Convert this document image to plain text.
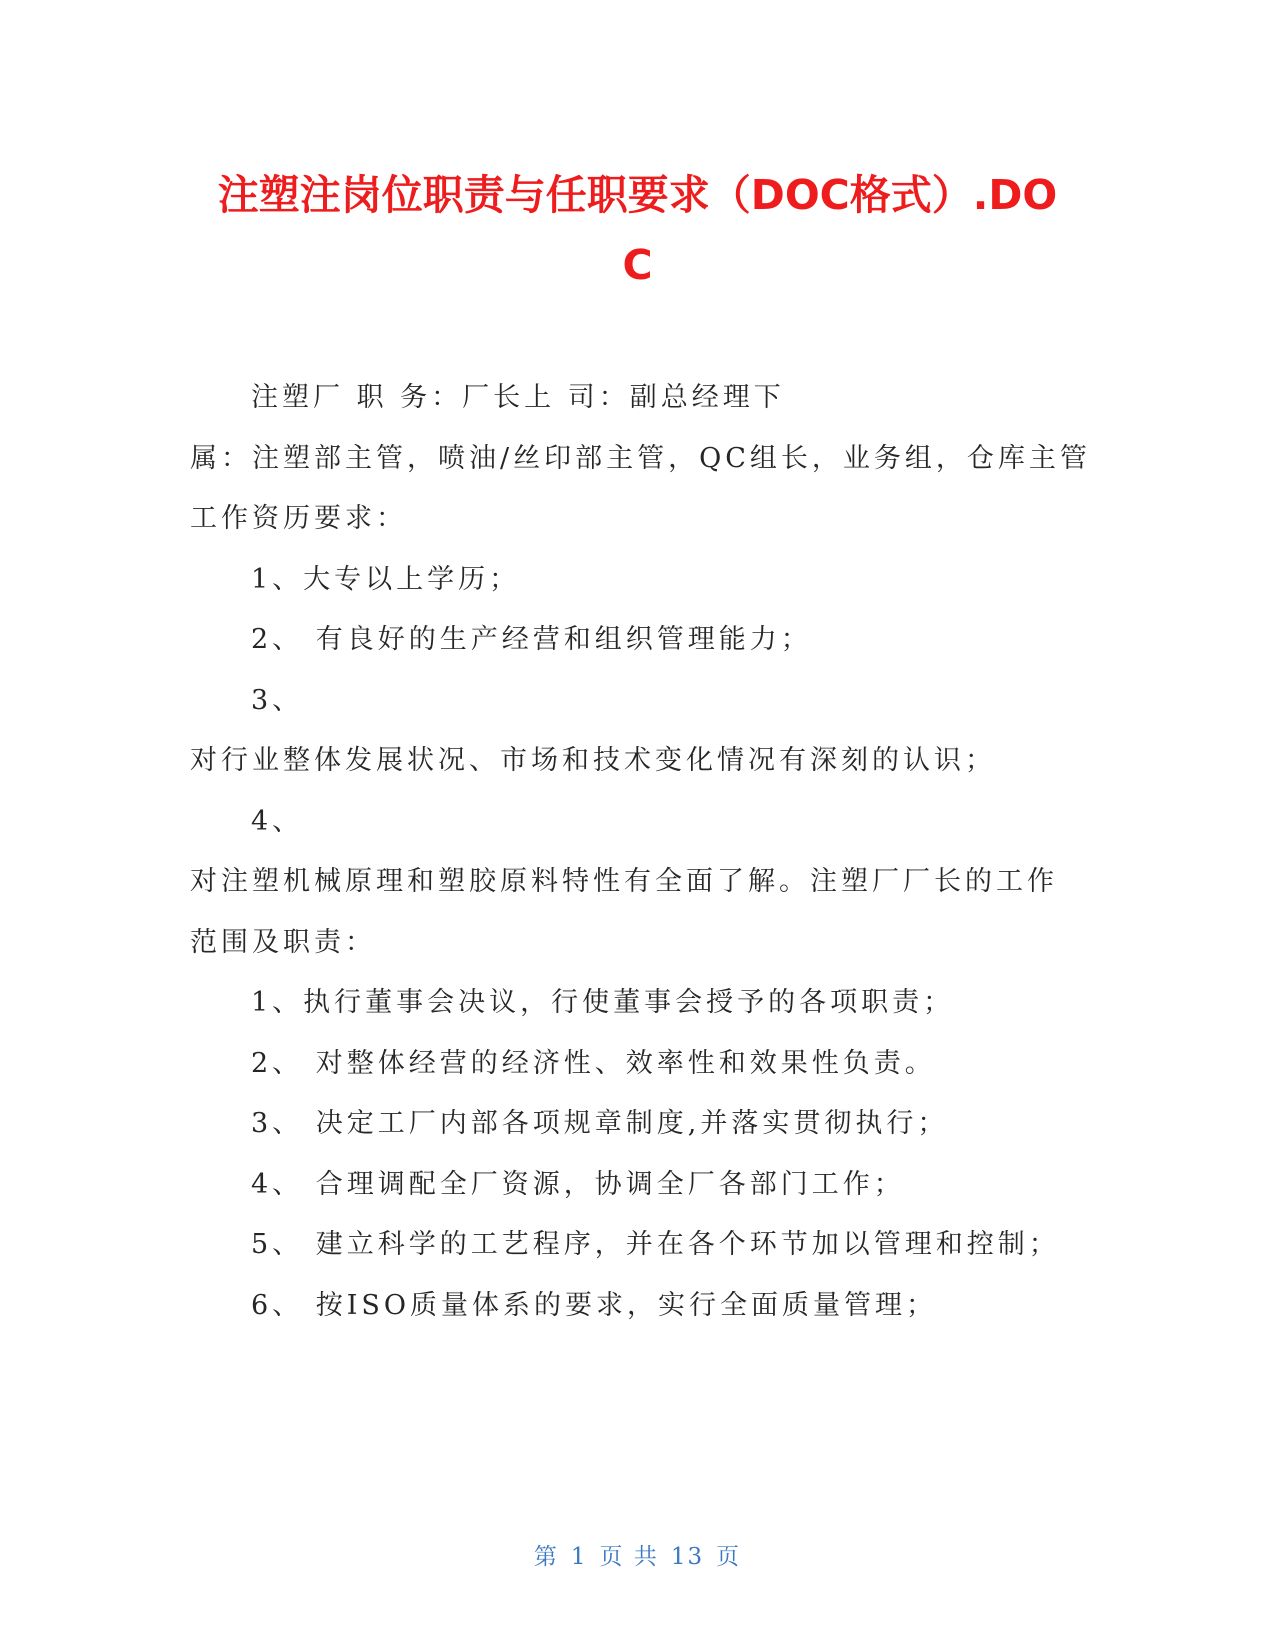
注塑注岗位职责与任职要求（DOC格式）.DO
C
注塑厂 职 务：厂长上 司：副总经理下
属：注塑部主管，喷油/丝印部主管，QC组长，业务组，仓库主管
工作资历要求：
1、大专以上学历；
2、 有良好的生产经营和组织管理能力；
3、
对行业整体发展状况、市场和技术变化情况有深刻的认识；
4、
对注塑机械原理和塑胶原料特性有全面了解。注塑厂厂长的工作
范围及职责：
1、执行董事会决议，行使董事会授予的各项职责；
2、 对整体经营的经济性、效率性和效果性负责。
3、 决定工厂内部各项规章制度,并落实贯彻执行；
4、 合理调配全厂资源，协调全厂各部门工作；
5、 建立科学的工艺程序，并在各个环节加以管理和控制；
6、 按ISO质量体系的要求，实行全面质量管理；
第 1 页 共 13 页
